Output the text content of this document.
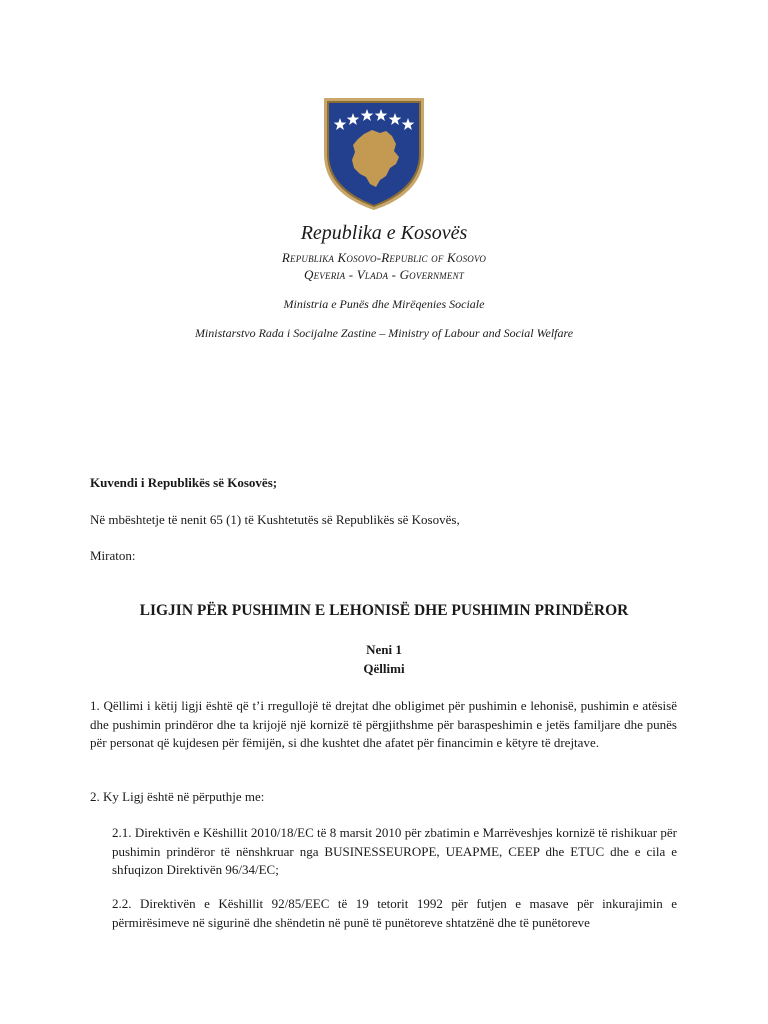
Republika e Kosovës
Republika Kosovo-Republic of Kosovo
Qeveria - Vlada - Government
Ministria e Punës dhe Mirëqenies Sociale
Ministarstvo Rada i Socijalne Zastine – Ministry of Labour and Social Welfare
Kuvendi i Republikës së Kosovës;
Në mbështetje të nenit 65 (1) të Kushtetutës së Republikës së Kosovës,
Miraton:
LIGJIN PËR PUSHIMIN E LEHONISË DHE PUSHIMIN PRINDËROR
Neni 1
Qëllimi
1. Qëllimi i këtij ligji është që t’i rregullojë të drejtat dhe obligimet për pushimin e lehonisë, pushimin e atësisë dhe pushimin prindëror dhe ta krijojë një kornizë të përgjithshme për baraspeshimin e jetës familjare dhe punës për personat që kujdesen për fëmijën, si dhe kushtet dhe afatet për financimin e këtyre të drejtave.
2. Ky Ligj është në përputhje me:
2.1. Direktivën e Këshillit 2010/18/EC të 8 marsit 2010 për zbatimin e Marrëveshjes kornizë të rishikuar për pushimin prindëror të nënshkruar nga BUSINESSEUROPE, UEAPME, CEEP dhe ETUC dhe e cila e shfuqizon Direktivën 96/34/EC;
2.2. Direktivën e Këshillit 92/85/EEC të 19 tetorit 1992 për futjen e masave për inkurajimin e përmirësimeve në sigurinë dhe shëndetin në punë të punëtoreve shtatzënë dhe të punëtoreve
